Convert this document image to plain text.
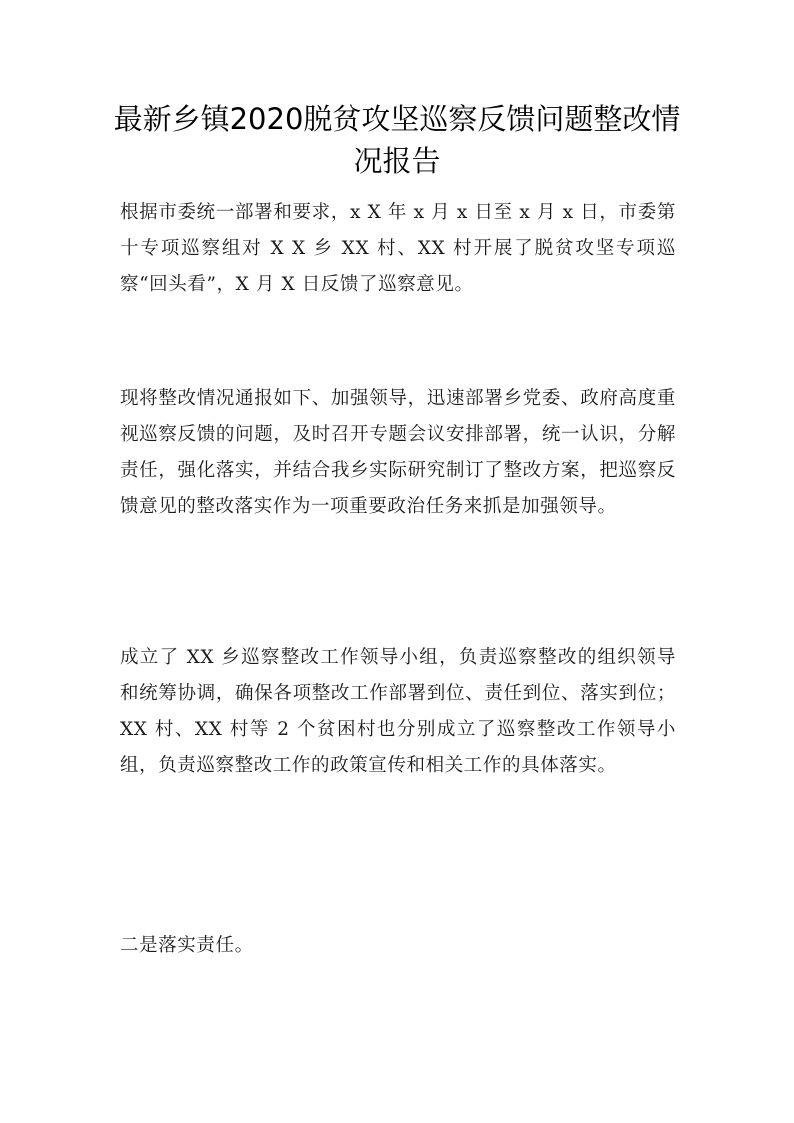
最新乡镇2020脱贫攻坚巡察反馈问题整改情况报告

根据市委统一部署和要求，x X 年 x 月 x 日至 x 月 x 日，市委第十专项巡察组对 X X 乡 XX 村、XX 村开展了脱贫攻坚专项巡察“回头看”，X 月 X 日反馈了巡察意见。

现将整改情况通报如下、加强领导，迅速部署乡党委、政府高度重视巡察反馈的问题，及时召开专题会议安排部署，统一认识，分解责任，强化落实，并结合我乡实际研究制订了整改方案，把巡察反馈意见的整改落实作为一项重要政治任务来抓是加强领导。

成立了 XX 乡巡察整改工作领导小组，负责巡察整改的组织领导和统筹协调，确保各项整改工作部署到位、责任到位、落实到位；XX 村、XX 村等 2 个贫困村也分别成立了巡察整改工作领导小组，负责巡察整改工作的政策宣传和相关工作的具体落实。

二是落实责任。
